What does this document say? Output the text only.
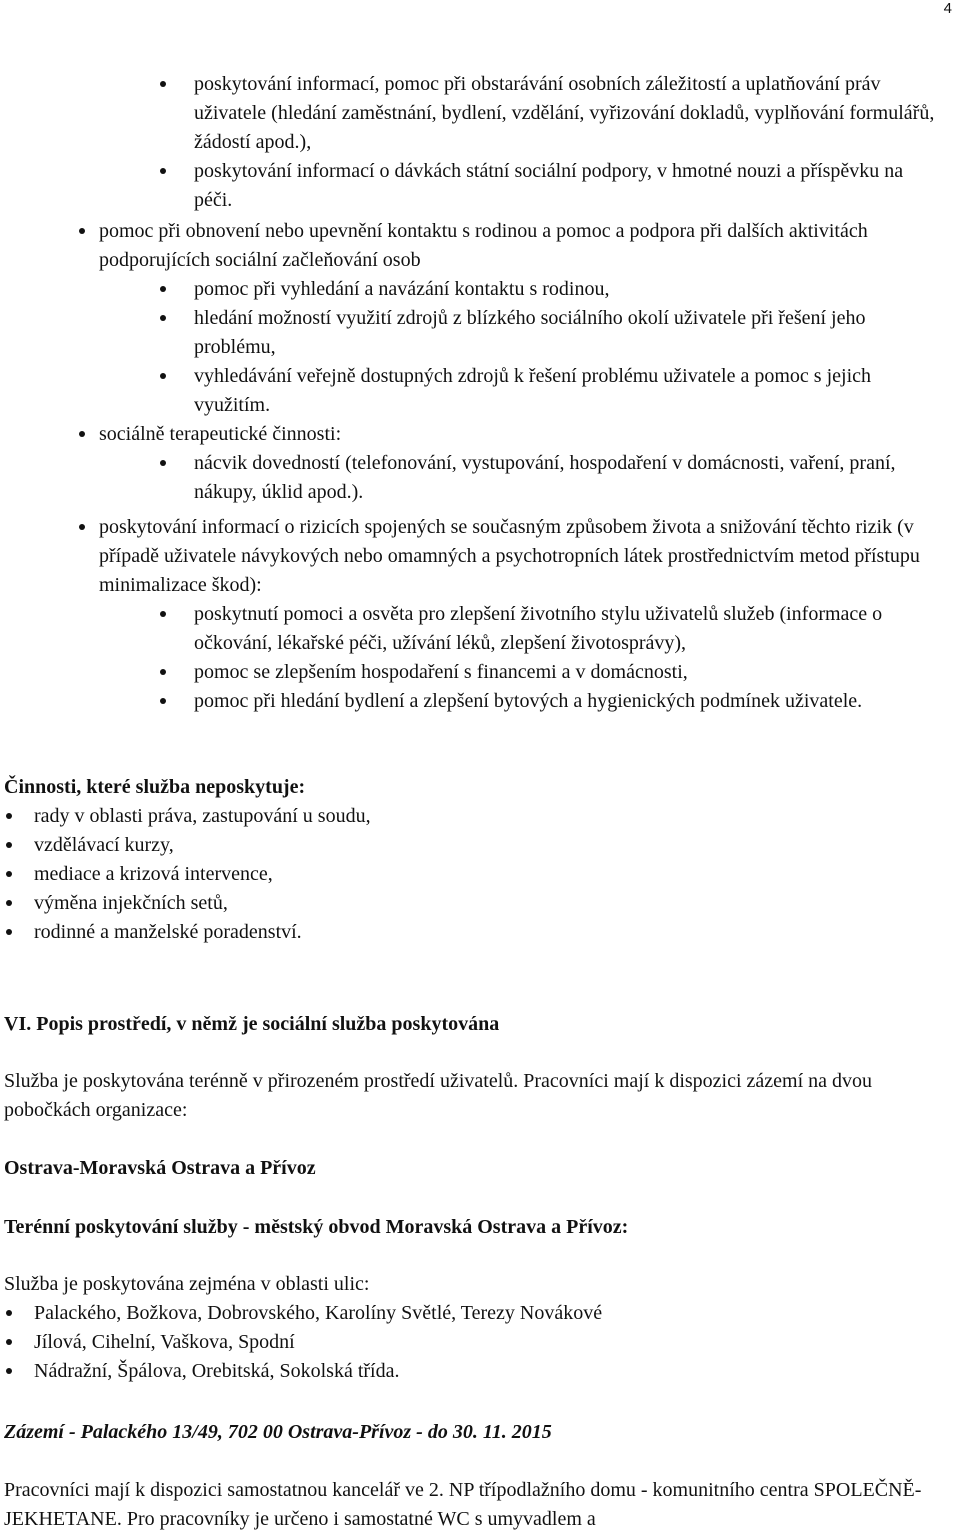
4
poskytování informací, pomoc při obstarávání osobních záležitostí a uplatňování práv uživatele (hledání zaměstnání, bydlení, vzdělání, vyřizování dokladů, vyplňování formulářů, žádostí apod.),
poskytování informací o dávkách státní sociální podpory, v hmotné nouzi a příspěvku na péči.
pomoc při obnovení nebo upevnění kontaktu s rodinou a pomoc a podpora při dalších aktivitách podporujících sociální začleňování osob
pomoc při vyhledání a navázání kontaktu s rodinou,
hledání možností využití zdrojů z blízkého sociálního okolí uživatele při řešení jeho problému,
vyhledávání veřejně dostupných zdrojů k řešení problému uživatele a pomoc s jejich využitím.
sociálně terapeutické činnosti:
nácvik dovedností (telefonování, vystupování, hospodaření v domácnosti, vaření, praní, nákupy, úklid apod.).
poskytování informací o rizicích spojených se současným způsobem života a snižování těchto rizik (v případě uživatele návykových nebo omamných a psychotropních látek prostřednictvím metod přístupu minimalizace škod):
poskytnutí pomoci a osvěta pro zlepšení životního stylu uživatelů služeb (informace o očkování, lékařské péči, užívání léků, zlepšení životosprávy),
pomoc se zlepšením hospodaření s financemi a v domácnosti,
pomoc při hledání bydlení a zlepšení bytových a hygienických podmínek uživatele.

Činnosti, které služba neposkytuje:

rady v oblasti práva, zastupování u soudu,
vzdělávací kurzy,
mediace a krizová intervence,
výměna injekčních setů,
rodinné a manželské poradenství.

VI. Popis prostředí, v němž je sociální služba poskytována

Služba je poskytována terénně v přirozeném prostředí uživatelů. Pracovníci mají k dispozici zázemí na dvou pobočkách organizace:

Ostrava-Moravská Ostrava a Přívoz

Terénní poskytování služby - městský obvod Moravská Ostrava a Přívoz:

Služba je poskytována zejména v oblasti ulic:

Palackého, Božkova, Dobrovského, Karolíny Světlé, Terezy Novákové
Jílová, Cihelní, Vaškova, Spodní
Nádražní, Špálova, Orebitská, Sokolská třída.

Zázemí - Palackého 13/49, 702 00 Ostrava-Přívoz - do 30. 11. 2015

Pracovníci mají k dispozici samostatnou kancelář ve 2. NP třípodlažního domu - komunitního centra SPOLEČNĚ-JEKHETANE. Pro pracovníky je určeno i samostatné WC s umyvadlem a
